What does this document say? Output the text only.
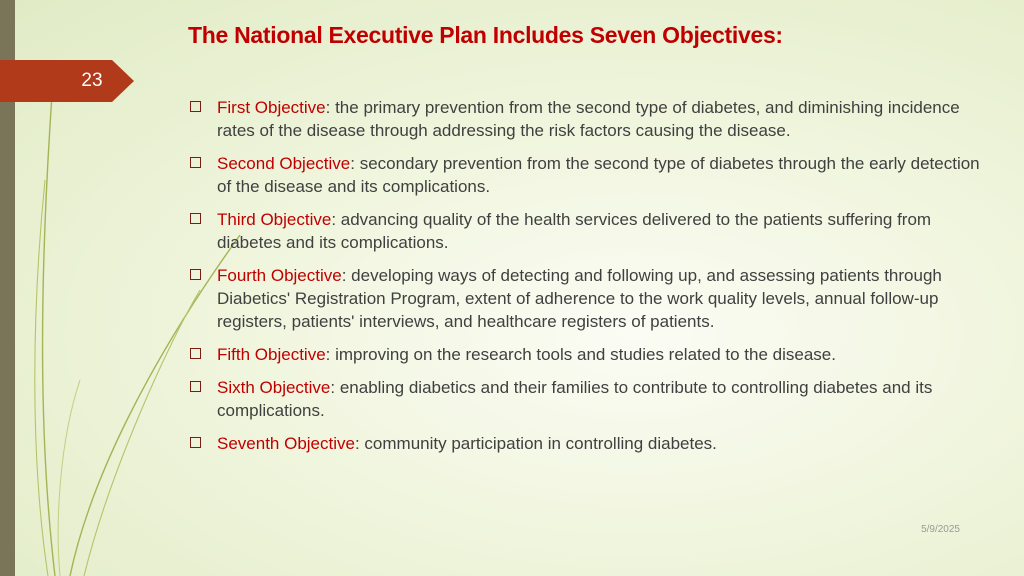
23
The National Executive Plan Includes Seven Objectives:
First Objective: the primary prevention from the second type of diabetes, and diminishing incidence rates of the disease through addressing the risk factors causing the disease.
Second Objective: secondary prevention from the second type of diabetes through the early detection of the disease and its complications.
Third Objective: advancing quality of the health services delivered to the patients suffering from diabetes and its complications.
Fourth Objective: developing ways of detecting and following up, and assessing patients through Diabetics' Registration Program, extent of adherence to the work quality levels, annual follow-up registers, patients' interviews, and healthcare registers of patients.
Fifth Objective: improving on the research tools and studies related to the disease.
Sixth Objective: enabling diabetics and their families to contribute to controlling diabetes and its complications.
Seventh Objective: community participation in controlling diabetes.
5/9/2025
